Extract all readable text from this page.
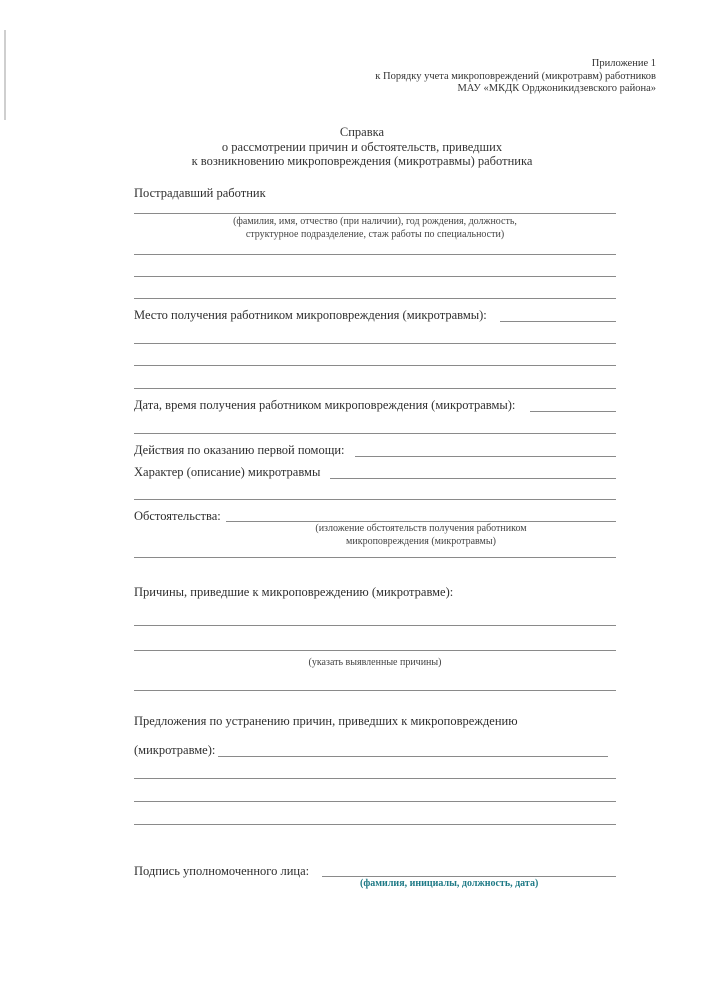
Приложение 1
к Порядку учета микроповреждений (микротравм) работников
МАУ «МКДК Орджоникидзевского района»
Справка
о рассмотрении причин и обстоятельств, приведших
к возникновению микроповреждения (микротравмы) работника
Пострадавший работник
(фамилия, имя, отчество (при наличии), год рождения, должность,
структурное подразделение, стаж работы по специальности)
Место получения работником микроповреждения (микротравмы):
Дата, время получения работником микроповреждения (микротравмы):
Действия по оказанию первой помощи:
Характер (описание) микротравмы
Обстоятельства:
(изложение обстоятельств получения работником
микроповреждения (микротравмы)
Причины, приведшие к микроповреждению (микротравме):
(указать выявленные причины)
Предложения по устранению причин, приведших к микроповреждению
(микротравме):
Подпись уполномоченного лица:
(фамилия, инициалы, должность, дата)
